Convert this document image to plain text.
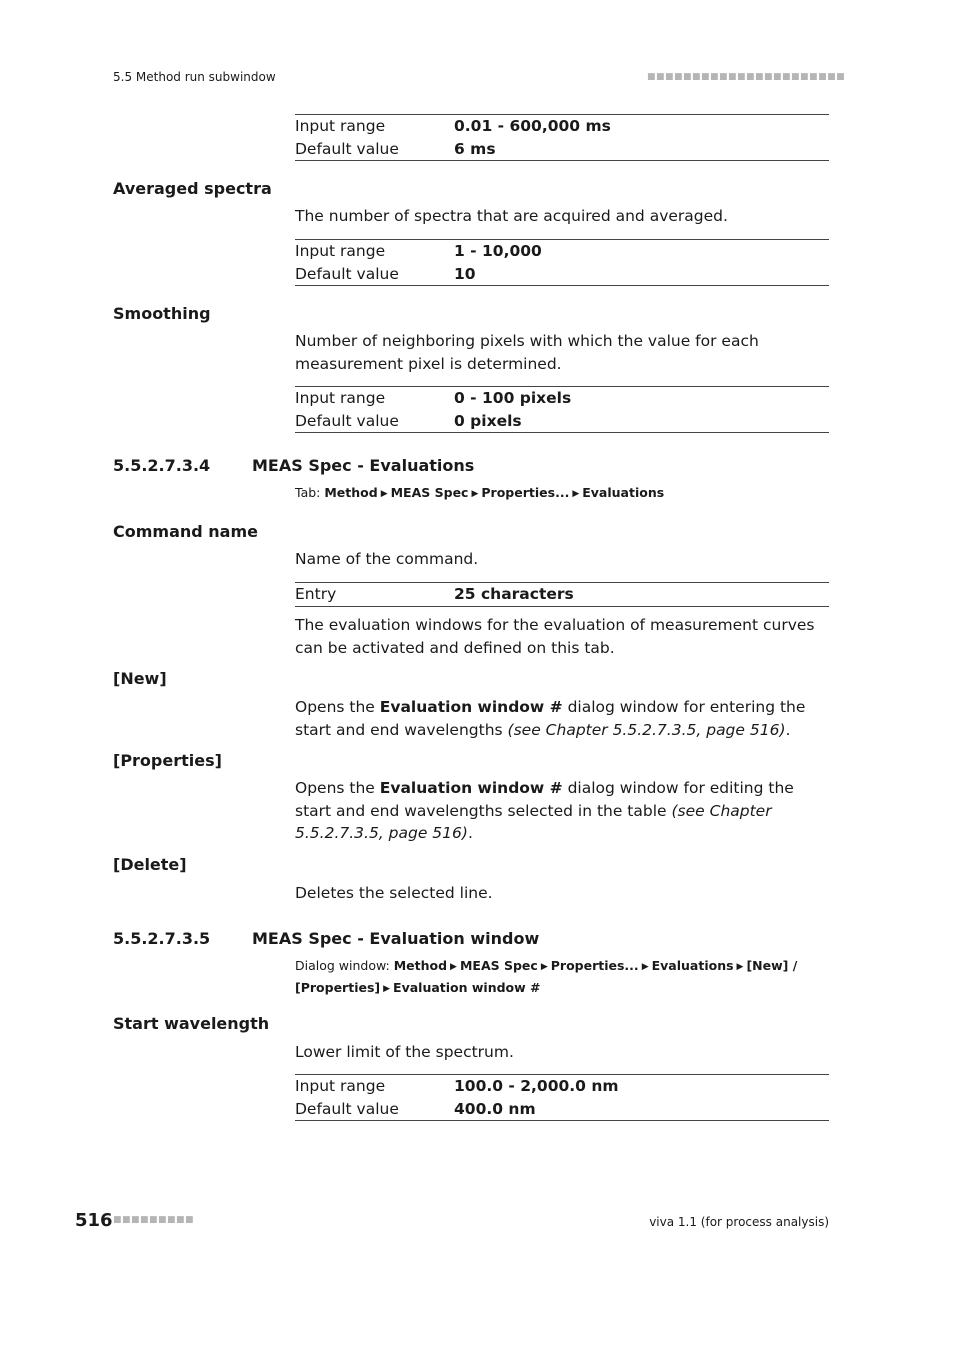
5.5 Method run subwindow	■■■■■■■■■■■■■■■■■■■■■■
Input range	0.01 - 600,000 ms
Default value	6 ms
Averaged spectra
The number of spectra that are acquired and averaged.
Input range	1 - 10,000
Default value	10
Smoothing
Number of neighboring pixels with which the value for each measurement pixel is determined.
Input range	0 - 100 pixels
Default value	0 pixels
5.5.2.7.3.4	MEAS Spec - Evaluations
Tab: Method ▶ MEAS Spec ▶ Properties... ▶ Evaluations
Command name
Name of the command.
Entry	25 characters
The evaluation windows for the evaluation of measurement curves can be activated and defined on this tab.
[New]
Opens the Evaluation window # dialog window for entering the start and end wavelengths (see Chapter 5.5.2.7.3.5, page 516).
[Properties]
Opens the Evaluation window # dialog window for editing the start and end wavelengths selected in the table (see Chapter 5.5.2.7.3.5, page 516).
[Delete]
Deletes the selected line.
5.5.2.7.3.5	MEAS Spec - Evaluation window
Dialog window: Method ▶ MEAS Spec ▶ Properties... ▶ Evaluations ▶ [New] / [Properties] ▶ Evaluation window #
Start wavelength
Lower limit of the spectrum.
Input range	100.0 - 2,000.0 nm
Default value	400.0 nm
516 ■■■■■■■■■	viva 1.1 (for process analysis)
